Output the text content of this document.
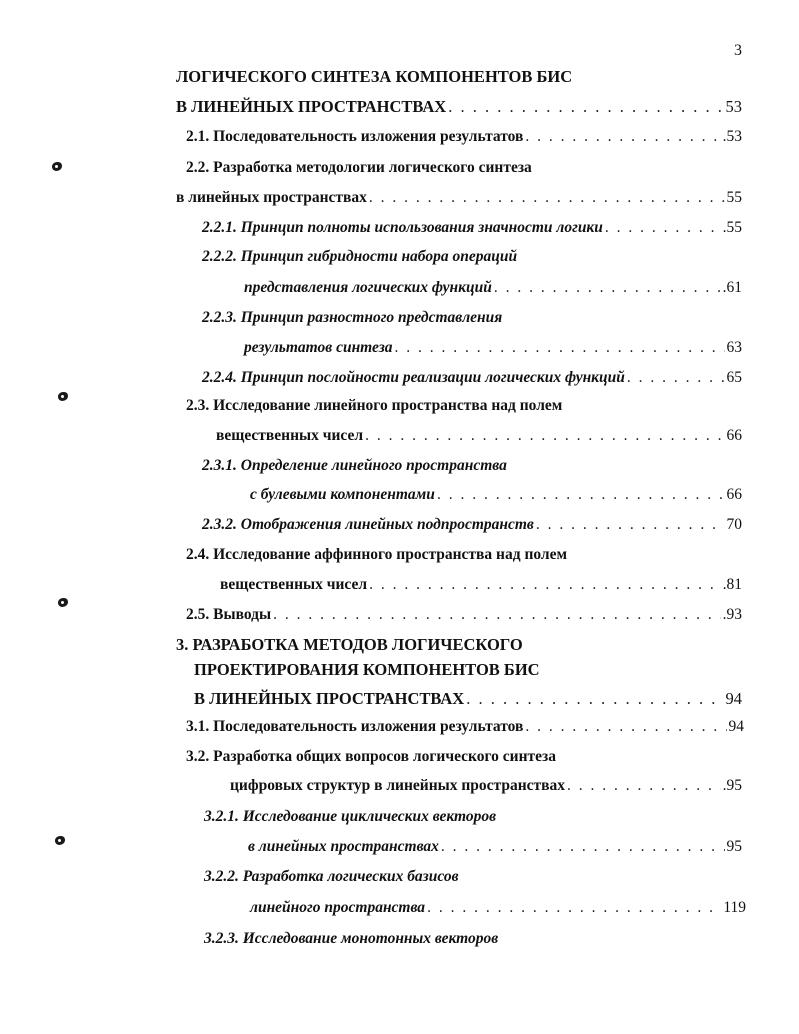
3
ЛОГИЧЕСКОГО СИНТЕЗА КОМПОНЕНТОВ БИС
В ЛИНЕЙНЫХ ПРОСТРАНСТВАХ . . .	53
2.1. Последовательность изложения результатов . . .	.53
2.2. Разработка методологии логического синтеза
в линейных пространствах . . .	55
2.2.1. Принцип полноты использования значности логики . . .	.55
2.2.2. Принцип гибридности набора операций
представления логических функций . . .	.61
2.2.3. Принцип разностного представления
результатов синтеза . . .	63
2.2.4. Принцип послойности реализации логических функций . . .	65
2.3. Исследование линейного пространства над полем
вещественных чисел . . .	66
2.3.1. Определение линейного пространства
с булевыми компонентами . . .	66
2.3.2. Отображения линейных подпространств . . .	70
2.4. Исследование аффинного пространства над полем
вещественных чисел . . .	.81
2.5. Выводы . . .	.93
3. РАЗРАБОТКА МЕТОДОВ ЛОГИЧЕСКОГО
ПРОЕКТИРОВАНИЯ КОМПОНЕНТОВ БИС
В ЛИНЕЙНЫХ ПРОСТРАНСТВАХ . . .	94
3.1. Последовательность изложения результатов . . .	94
3.2. Разработка общих вопросов логического синтеза
цифровых структур в линейных пространствах . . .	.95
3.2.1. Исследование циклических векторов
в линейных пространствах . . .	95
3.2.2. Разработка логических базисов
линейного пространства . . .	119
3.2.3. Исследование монотонных векторов
